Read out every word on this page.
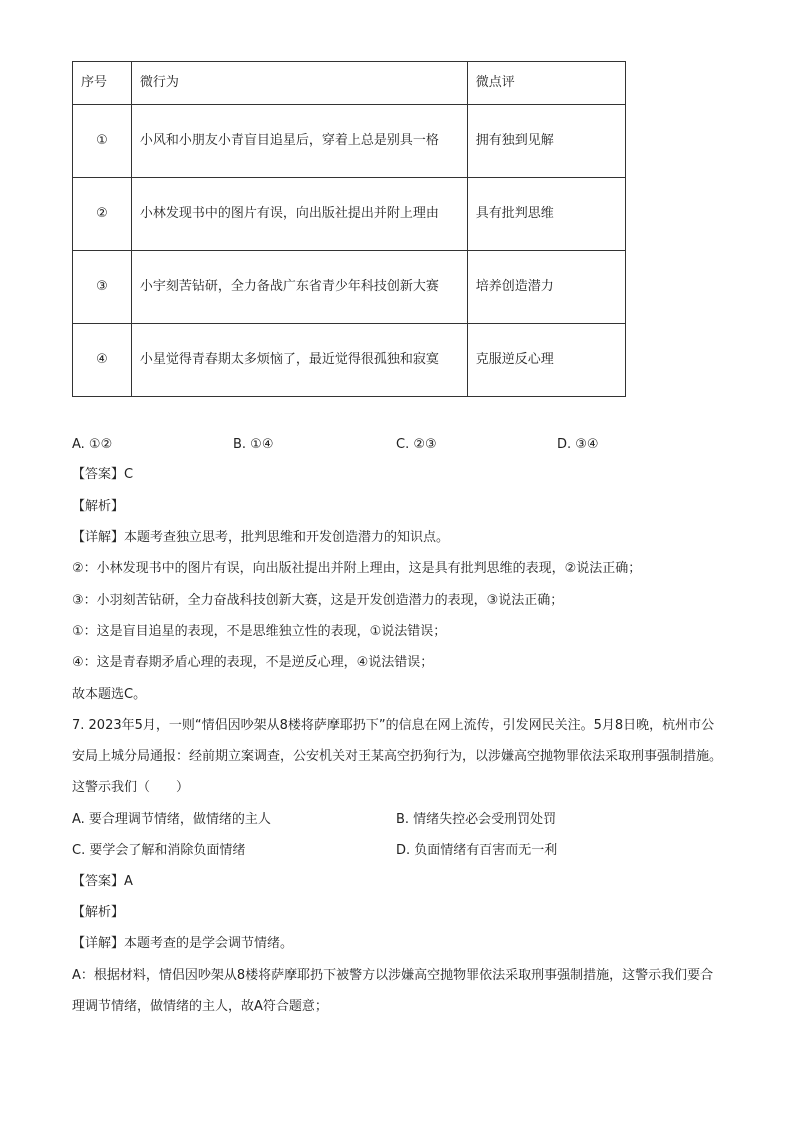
序号	微行为	微点评
①	小风和小朋友小青盲目追星后，穿着上总是别具一格	拥有独到见解
②	小林发现书中的图片有误，向出版社提出并附上理由	具有批判思维
③	小宇刻苦钻研，全力备战广东省青少年科技创新大赛	培养创造潜力
④	小星觉得青春期太多烦恼了，最近觉得很孤独和寂寞	克服逆反心理
A. ①②	B. ①④	C. ②③	D. ③④
【答案】C
【解析】
【详解】本题考查独立思考，批判思维和开发创造潜力的知识点。
②：小林发现书中的图片有误，向出版社提出并附上理由，这是具有批判思维的表现，②说法正确；
③：小羽刻苦钻研，全力奋战科技创新大赛，这是开发创造潜力的表现，③说法正确；
①：这是盲目追星的表现，不是思维独立性的表现，①说法错误；
④：这是青春期矛盾心理的表现，不是逆反心理，④说法错误；
故本题选C。
7. 2023年5月，一则“情侣因吵架从8楼将萨摩耶扔下”的信息在网上流传，引发网民关注。5月8日晚，杭州市公安局上城分局通报：经前期立案调查，公安机关对王某高空扔狗行为，以涉嫌高空抛物罪依法采取刑事强制措施。这警示我们（　　）
A. 要合理调节情绪，做情绪的主人	B. 情绪失控必会受刑罚处罚
C. 要学会了解和消除负面情绪	D. 负面情绪有百害而无一利
【答案】A
【解析】
【详解】本题考查的是学会调节情绪。
A：根据材料，情侣因吵架从8楼将萨摩耶扔下被警方以涉嫌高空抛物罪依法采取刑事强制措施，这警示我们要合理调节情绪，做情绪的主人，故A符合题意；
